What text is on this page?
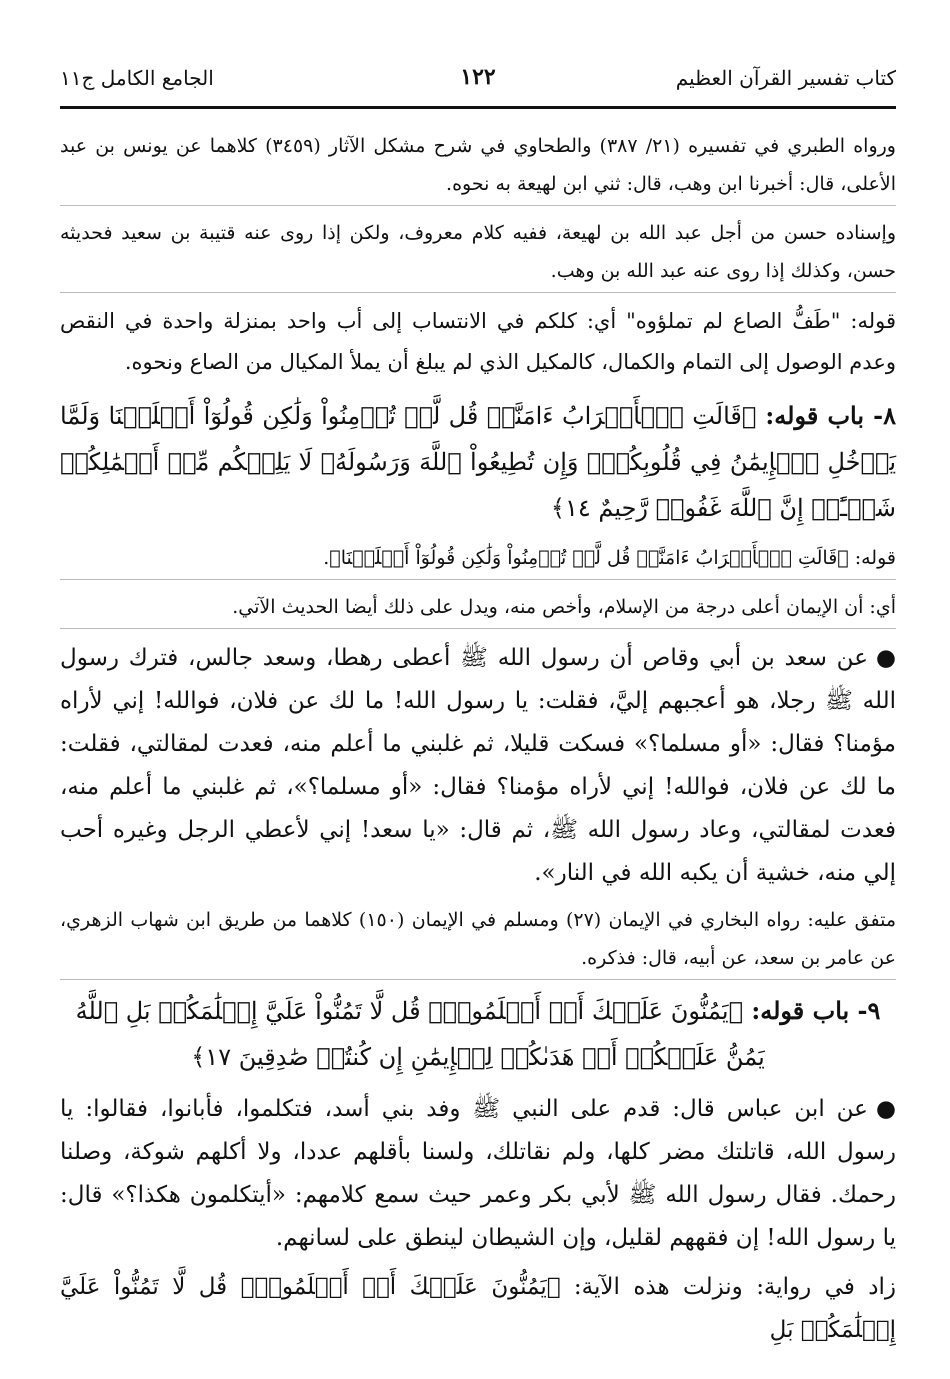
كتاب تفسير القرآن العظيم
١٢٢
الجامع الكامل ج١١

ورواه الطبري في تفسيره (٢١/ ٣٨٧) والطحاوي في شرح مشكل الآثار (٣٤٥٩) كلاهما عن يونس بن عبد الأعلى، قال: أخبرنا ابن وهب، قال: ثني ابن لهيعة به نحوه.

وإسناده حسن من أجل عبد الله بن لهيعة، ففيه كلام معروف، ولكن إذا روى عنه قتيبة بن سعيد فحديثه حسن، وكذلك إذا روى عنه عبد الله بن وهب.

قوله: "طَفُّ الصاع لم تملؤوه" أي: كلكم في الانتساب إلى أب واحد بمنزلة واحدة في النقص وعدم الوصول إلى التمام والكمال، كالمكيل الذي لم يبلغ أن يملأ المكيال من الصاع ونحوه.

٨- باب قوله: ﴿قَالَتِ ٱلۡأَعۡرَابُ ءَامَنَّاۖ قُل لَّمۡ تُؤۡمِنُواْ وَلَٰكِن قُولُوٓاْ أَسۡلَمۡنَا وَلَمَّا يَدۡخُلِ ٱلۡإِيمَٰنُ فِي قُلُوبِكُمۡۖ وَإِن تُطِيعُواْ ٱللَّهَ وَرَسُولَهُۥ لَا يَلِتۡكُم مِّنۡ أَعۡمَٰلِكُمۡ شَيۡـًٔاۚ إِنَّ ٱللَّهَ غَفُورٞ رَّحِيمٌ ١٤﴾

قوله: ﴿قَالَتِ ٱلۡأَعۡرَابُ ءَامَنَّاۖ قُل لَّمۡ تُؤۡمِنُواْ وَلَٰكِن قُولُوٓاْ أَسۡلَمۡنَا﴾.

أي: أن الإيمان أعلى درجة من الإسلام، وأخص منه، ويدل على ذلك أيضا الحديث الآتي.

●عن سعد بن أبي وقاص أن رسول الله ﷺ أعطى رهطا، وسعد جالس، فترك رسول الله ﷺ رجلا، هو أعجبهم إليَّ، فقلت: يا رسول الله! ما لك عن فلان، فوالله! إني لأراه مؤمنا؟ فقال: «أو مسلما؟» فسكت قليلا، ثم غلبني ما أعلم منه، فعدت لمقالتي، فقلت: ما لك عن فلان، فوالله! إني لأراه مؤمنا؟ فقال: «أو مسلما؟»، ثم غلبني ما أعلم منه، فعدت لمقالتي، وعاد رسول الله ﷺ، ثم قال: «يا سعد! إني لأعطي الرجل وغيره أحب إلي منه، خشية أن يكبه الله في النار».

متفق عليه: رواه البخاري في الإيمان (٢٧) ومسلم في الإيمان (١٥٠) كلاهما من طريق ابن شهاب الزهري، عن عامر بن سعد، عن أبيه، قال: فذكره.

٩- باب قوله: ﴿يَمُنُّونَ عَلَيۡكَ أَنۡ أَسۡلَمُواْۖ قُل لَّا تَمُنُّواْ عَلَيَّ إِسۡلَٰمَكُمۖ بَلِ ٱللَّهُ يَمُنُّ عَلَيۡكُمۡ أَنۡ هَدَىٰكُمۡ لِلۡإِيمَٰنِ إِن كُنتُمۡ صَٰدِقِينَ ١٧﴾

●عن ابن عباس قال: قدم على النبي ﷺ وفد بني أسد، فتكلموا، فأبانوا، فقالوا: يا رسول الله، قاتلتك مضر كلها، ولم نقاتلك، ولسنا بأقلهم عددا، ولا أكلهم شوكة، وصلنا رحمك. فقال رسول الله ﷺ لأبي بكر وعمر حيث سمع كلامهم: «أيتكلمون هكذا؟» قال: يا رسول الله! إن فقههم لقليل، وإن الشيطان لينطق على لسانهم.

زاد في رواية: ونزلت هذه الآية: ﴿يَمُنُّونَ عَلَيۡكَ أَنۡ أَسۡلَمُواْۖ قُل لَّا تَمُنُّواْ عَلَيَّ إِسۡلَٰمَكُمۖ بَلِ
